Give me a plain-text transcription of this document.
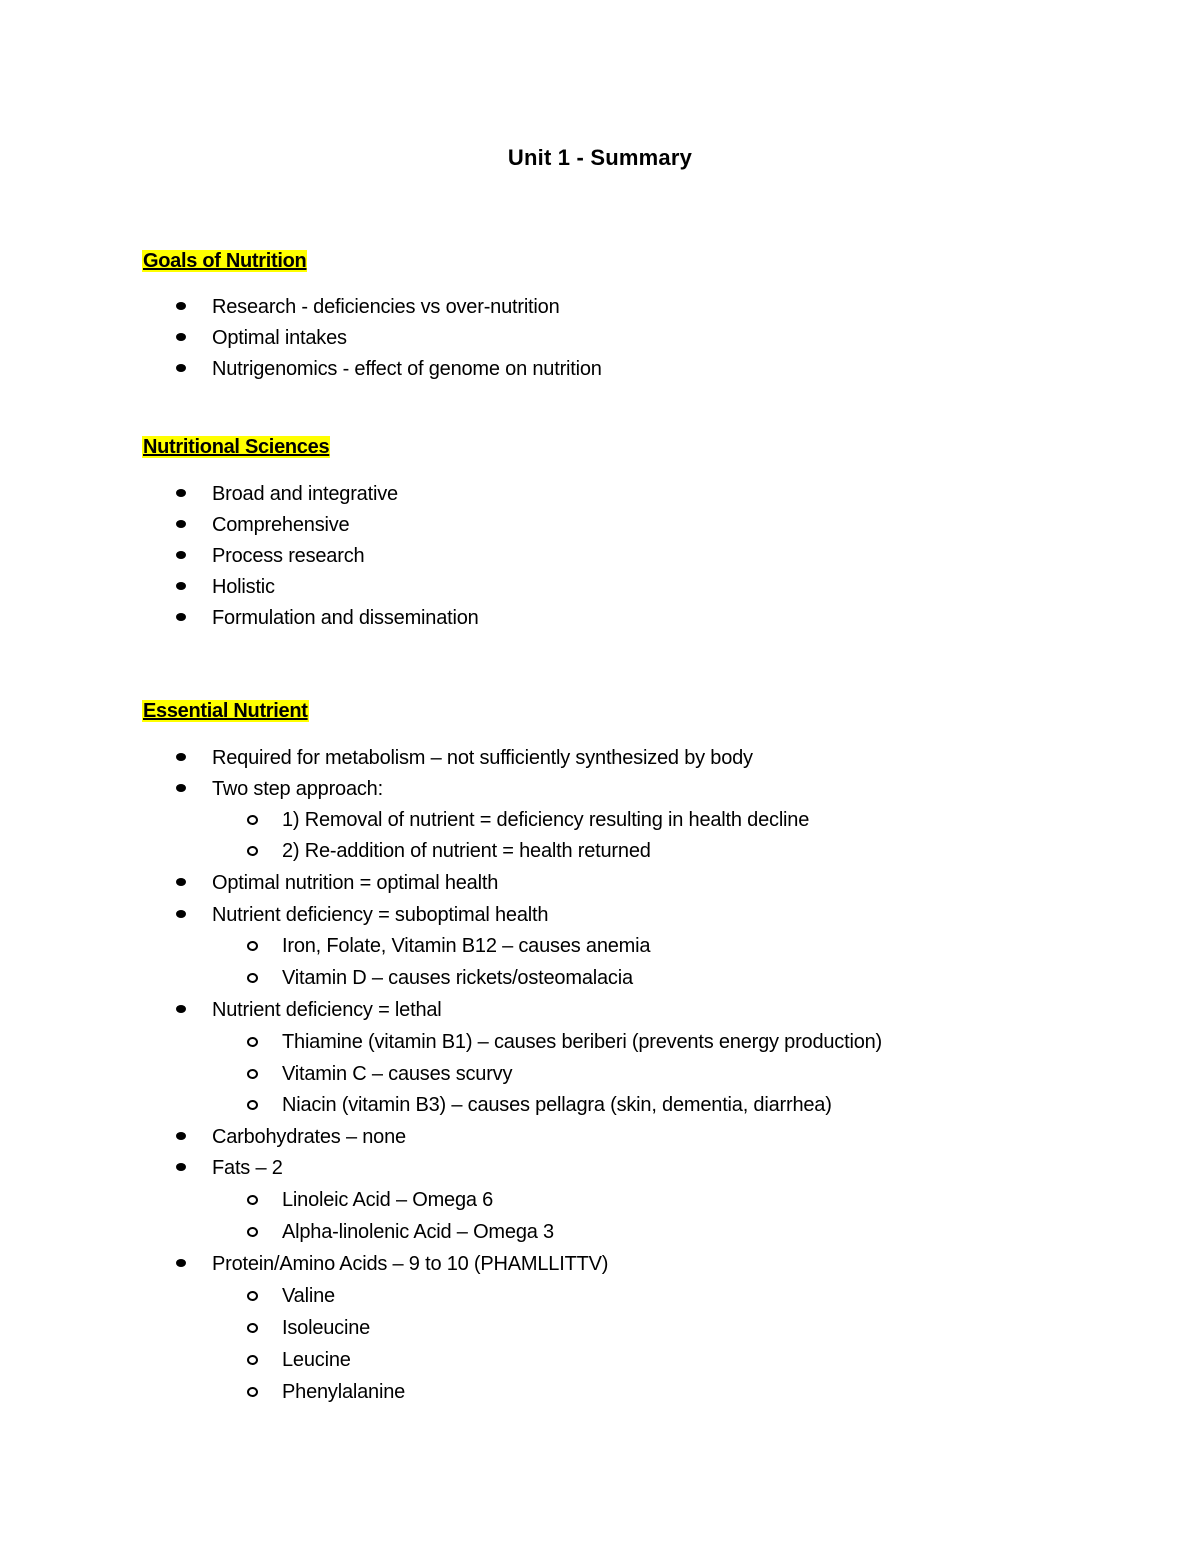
Unit 1 - Summary
Goals of Nutrition
Research - deficiencies vs over-nutrition
Optimal intakes
Nutrigenomics - effect of genome on nutrition
Nutritional Sciences
Broad and integrative
Comprehensive
Process research
Holistic
Formulation and dissemination
Essential Nutrient
Required for metabolism – not sufficiently synthesized by body
Two step approach:
1) Removal of nutrient = deficiency resulting in health decline
2) Re-addition of nutrient = health returned
Optimal nutrition = optimal health
Nutrient deficiency = suboptimal health
Iron, Folate, Vitamin B12 – causes anemia
Vitamin D – causes rickets/osteomalacia
Nutrient deficiency = lethal
Thiamine (vitamin B1) – causes beriberi (prevents energy production)
Vitamin C – causes scurvy
Niacin (vitamin B3) – causes pellagra (skin, dementia, diarrhea)
Carbohydrates – none
Fats – 2
Linoleic Acid – Omega 6
Alpha-linolenic Acid – Omega 3
Protein/Amino Acids – 9 to 10 (PHAMLLITTV)
Valine
Isoleucine
Leucine
Phenylalanine
